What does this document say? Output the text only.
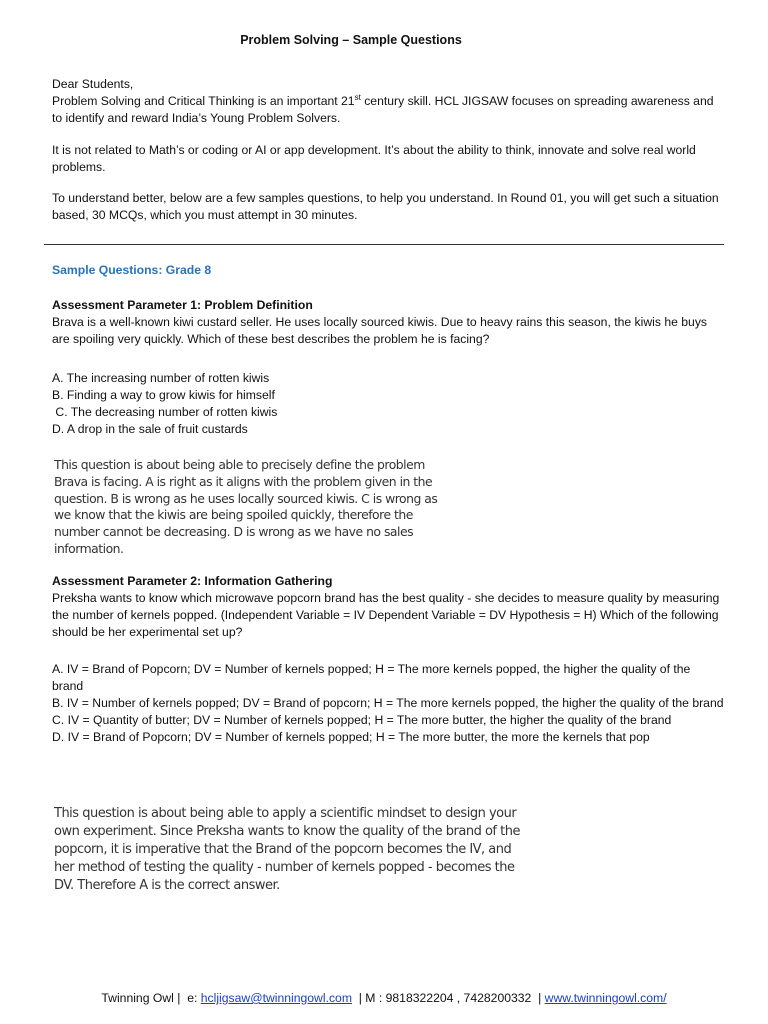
Problem Solving – Sample Questions

Dear Students,

Problem Solving and Critical Thinking is an important 21st century skill. HCL JIGSAW focuses on spreading awareness and to identify and reward India’s Young Problem Solvers.

It is not related to Math’s or coding or AI or app development. It’s about the ability to think, innovate and solve real world problems.

To understand better, below are a few samples questions, to help you understand. In Round 01, you will get such a situation based, 30 MCQs, which you must attempt in 30 minutes.

Sample Questions: Grade 8

Assessment Parameter 1: Problem Definition

Brava is a well-known kiwi custard seller. He uses locally sourced kiwis. Due to heavy rains this season, the kiwis he buys are spoiling very quickly. Which of these best describes the problem he is facing?

A. The increasing number of rotten kiwis

B. Finding a way to grow kiwis for himself

C. The decreasing number of rotten kiwis

D. A drop in the sale of fruit custards

This question is about being able to precisely define the problem Brava is facing. A is right as it aligns with the problem given in the question. B is wrong as he uses locally sourced kiwis. C is wrong as we know that the kiwis are being spoiled quickly, therefore the number cannot be decreasing. D is wrong as we have no sales information.

Assessment Parameter 2: Information Gathering

Preksha wants to know which microwave popcorn brand has the best quality - she decides to measure quality by measuring the number of kernels popped. (Independent Variable = IV Dependent Variable = DV Hypothesis = H) Which of the following should be her experimental set up?

A. IV = Brand of Popcorn; DV = Number of kernels popped; H = The more kernels popped, the higher the quality of the brand

B. IV = Number of kernels popped; DV = Brand of popcorn; H = The more kernels popped, the higher the quality of the brand

C. IV = Quantity of butter; DV = Number of kernels popped; H = The more butter, the higher the quality of the brand

D. IV = Brand of Popcorn; DV = Number of kernels popped; H = The more butter, the more the kernels that pop

This question is about being able to apply a scientific mindset to design your own experiment. Since Preksha wants to know the quality of the brand of the popcorn, it is imperative that the Brand of the popcorn becomes the IV, and her method of testing the quality - number of kernels popped - becomes the DV. Therefore A is the correct answer.
Twinning Owl |  e: hcljigsaw@twinningowl.com  | M : 9818322204 , 7428200332  | www.twinningowl.com/
